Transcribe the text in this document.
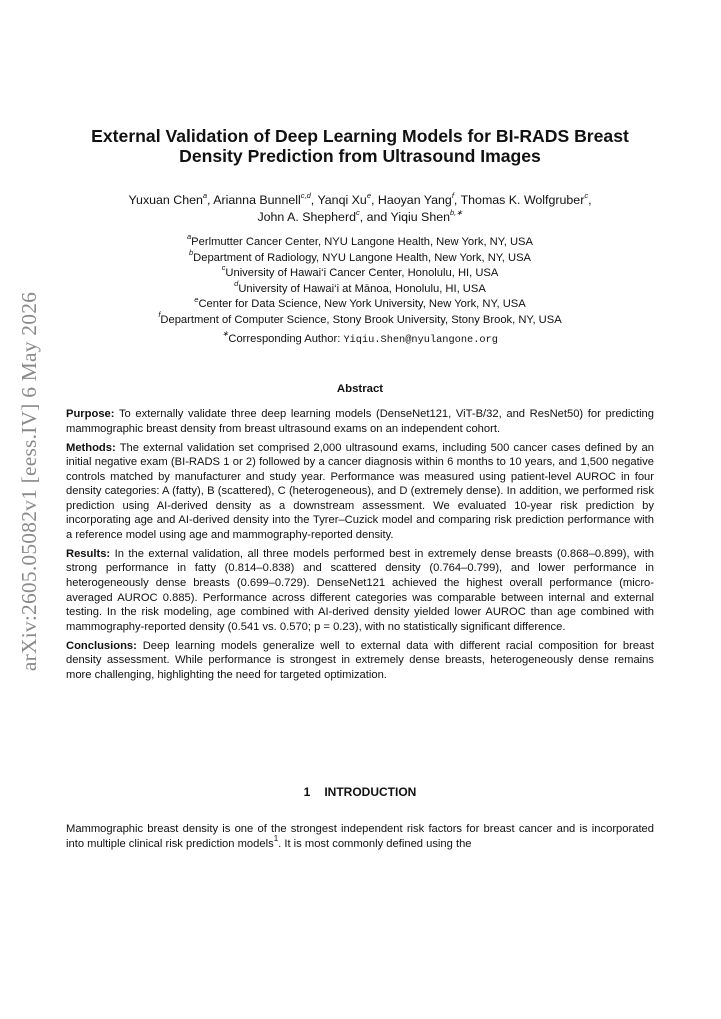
arXiv:2605.05082v1 [eess.IV] 6 May 2026
External Validation of Deep Learning Models for BI-RADS Breast Density Prediction from Ultrasound Images
Yuxuan Chen$^a$, Arianna Bunnell$^{c,d}$, Yanqi Xu$^e$, Haoyan Yang$^f$, Thomas K. Wolfgruber$^c$,
John A. Shepherd$^c$, and Yiqiu Shen$^{b,∗}$
$^a$Perlmutter Cancer Center, NYU Langone Health, New York, NY, USA
$^b$Department of Radiology, NYU Langone Health, New York, NY, USA
$^c$University of Hawai‘i Cancer Center, Honolulu, HI, USA
$^d$University of Hawai‘i at Mānoa, Honolulu, HI, USA
$^e$Center for Data Science, New York University, New York, NY, USA
$^f$Department of Computer Science, Stony Brook University, Stony Brook, NY, USA
∗Corresponding Author: Yiqiu.Shen@nyulangone.org
Abstract

Purpose: To externally validate three deep learning models (DenseNet121, ViT-B/32, and ResNet50) for predicting mammographic breast density from breast ultrasound exams on an independent cohort.

Methods: The external validation set comprised 2,000 ultrasound exams, including 500 cancer cases defined by an initial negative exam (BI-RADS 1 or 2) followed by a cancer diagnosis within 6 months to 10 years, and 1,500 negative controls matched by manufacturer and study year. Performance was measured using patient-level AUROC in four density categories: A (fatty), B (scattered), C (heterogeneous), and D (extremely dense). In addition, we performed risk prediction using AI-derived density as a downstream assessment. We evaluated 10-year risk prediction by incorporating age and AI-derived density into the Tyrer–Cuzick model and comparing risk prediction performance with a reference model using age and mammography-reported density.

Results: In the external validation, all three models performed best in extremely dense breasts (0.868–0.899), with strong performance in fatty (0.814–0.838) and scattered density (0.764–0.799), and lower performance in heterogeneously dense breasts (0.699–0.729). DenseNet121 achieved the highest overall performance (micro-averaged AUROC 0.885). Performance across different categories was comparable between internal and external testing. In the risk modeling, age combined with AI-derived density yielded lower AUROC than age combined with mammography-reported density (0.541 vs. 0.570; p = 0.23), with no statistically significant difference.

Conclusions: Deep learning models generalize well to external data with different racial composition for breast density assessment. While performance is strongest in extremely dense breasts, heterogeneously dense remains more challenging, highlighting the need for targeted optimization.

1 INTRODUCTION

Mammographic breast density is one of the strongest independent risk factors for breast cancer and is incorporated into multiple clinical risk prediction models$^1$. It is most commonly defined using the
